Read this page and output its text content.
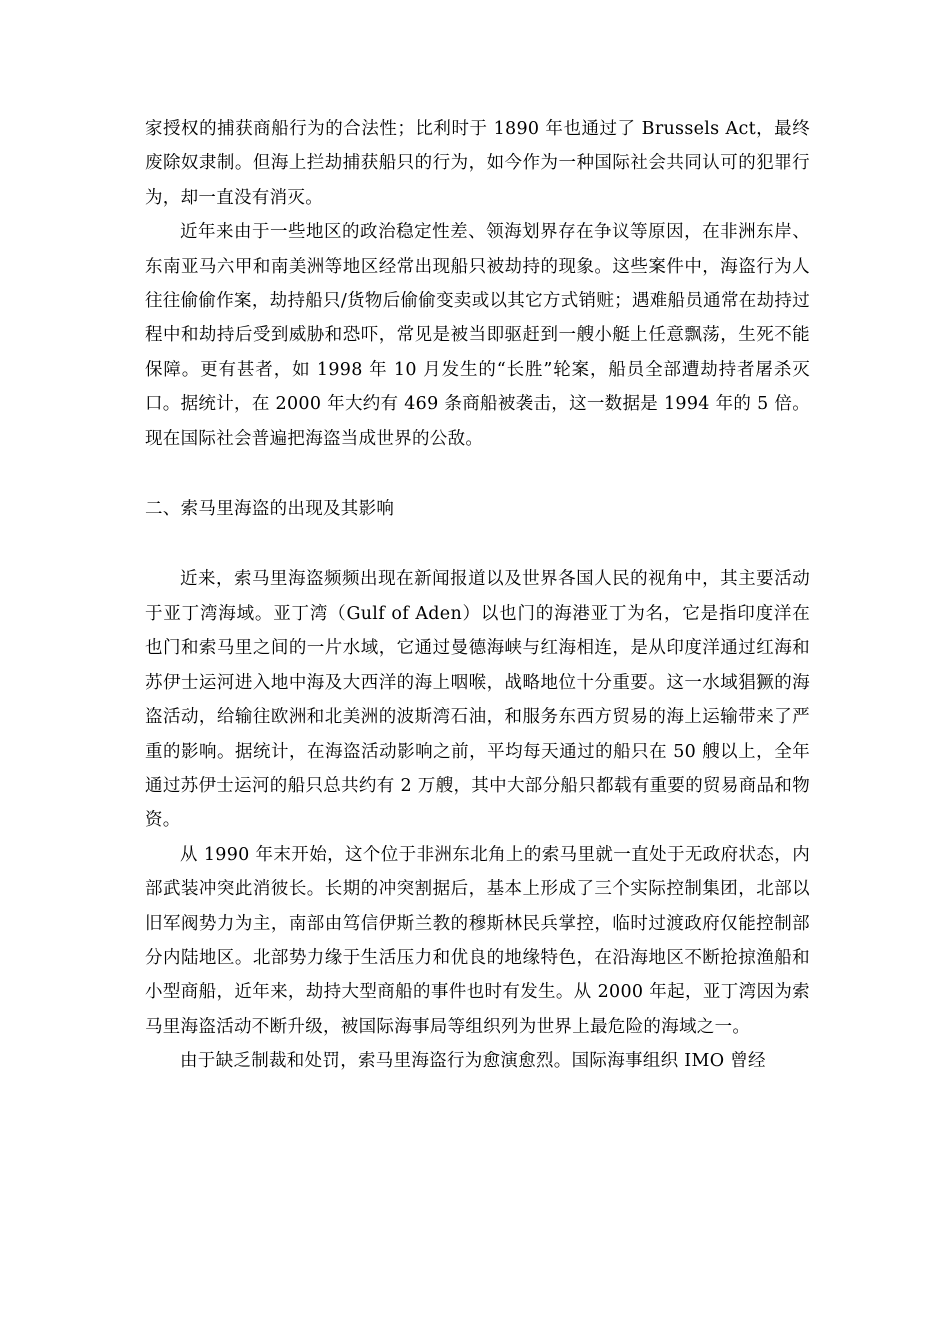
家授权的捕获商船行为的合法性；比利时于 1890 年也通过了 Brussels Act，最终废除奴隶制。但海上拦劫捕获船只的行为，如今作为一种国际社会共同认可的犯罪行为，却一直没有消灭。

近年来由于一些地区的政治稳定性差、领海划界存在争议等原因，在非洲东岸、东南亚马六甲和南美洲等地区经常出现船只被劫持的现象。这些案件中，海盗行为人往往偷偷作案，劫持船只/货物后偷偷变卖或以其它方式销赃；遇难船员通常在劫持过程中和劫持后受到威胁和恐吓，常见是被当即驱赶到一艘小艇上任意飘荡，生死不能保障。更有甚者，如 1998 年 10 月发生的“长胜”轮案，船员全部遭劫持者屠杀灭口。据统计，在 2000 年大约有 469 条商船被袭击，这一数据是 1994 年的 5 倍。现在国际社会普遍把海盗当成世界的公敌。

二、索马里海盗的出现及其影响

近来，索马里海盗频频出现在新闻报道以及世界各国人民的视角中，其主要活动于亚丁湾海域。亚丁湾（Gulf of Aden）以也门的海港亚丁为名，它是指印度洋在也门和索马里之间的一片水域，它通过曼德海峡与红海相连，是从印度洋通过红海和苏伊士运河进入地中海及大西洋的海上咽喉，战略地位十分重要。这一水域猖獗的海盗活动，给输往欧洲和北美洲的波斯湾石油，和服务东西方贸易的海上运输带来了严重的影响。据统计，在海盗活动影响之前，平均每天通过的船只在 50 艘以上，全年通过苏伊士运河的船只总共约有 2 万艘，其中大部分船只都载有重要的贸易商品和物资。

从 1990 年末开始，这个位于非洲东北角上的索马里就一直处于无政府状态，内部武装冲突此消彼长。长期的冲突割据后，基本上形成了三个实际控制集团，北部以旧军阀势力为主，南部由笃信伊斯兰教的穆斯林民兵掌控，临时过渡政府仅能控制部分内陆地区。北部势力缘于生活压力和优良的地缘特色，在沿海地区不断抢掠渔船和小型商船，近年来，劫持大型商船的事件也时有发生。从 2000 年起，亚丁湾因为索马里海盗活动不断升级，被国际海事局等组织列为世界上最危险的海域之一。

由于缺乏制裁和处罚，索马里海盗行为愈演愈烈。国际海事组织 IMO 曾经
